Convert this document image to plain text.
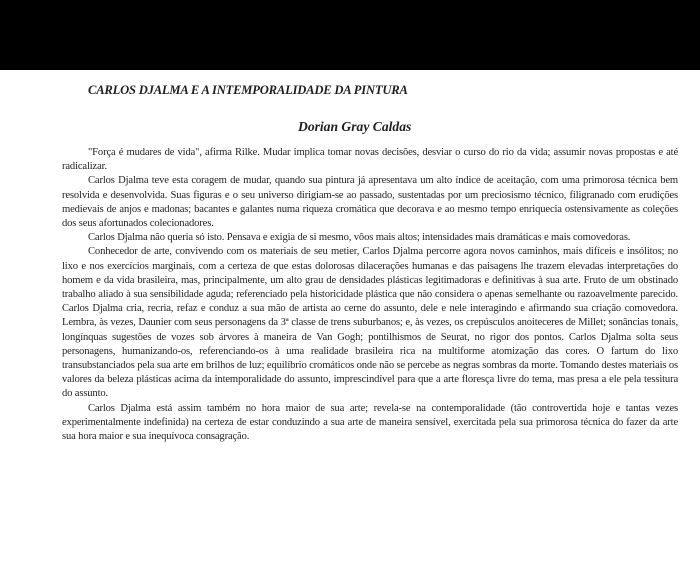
CARLOS DJALMA E A INTEMPORALIDADE DA PINTURA
Dorian Gray Caldas

"Força é mudares de vida", afirma Rilke. Mudar implica tomar novas decisões, desviar o curso do rio da vida; assumir novas propostas e até radicalizar.

Carlos Djalma teve esta coragem de mudar, quando sua pintura já apresentava um alto índice de aceitação, com uma primorosa técnica bem resolvida e desenvolvida. Suas figuras e o seu universo dirigiam-se ao passado, sustentadas por um preciosismo técnico, filigranado com erudições medievais de anjos e madonas; bacantes e galantes numa riqueza cromática que decorava e ao mesmo tempo enriquecia ostensivamente as coleções dos seus afortunados colecionadores.

Carlos Djalma não queria só isto. Pensava e exigia de si mesmo, vôos mais altos; intensidades mais dramáticas e mais comovedoras.

Conhecedor de arte, convivendo com os materiais de seu metier, Carlos Djalma percorre agora novos caminhos, mais difíceis e insólitos; no lixo e nos exercícios marginais, com a certeza de que estas dolorosas dilacerações humanas e das paisagens lhe trazem elevadas interpretações do homem e da vida brasileira, mas, principalmente, um alto grau de densidades plásticas legitimadoras e definitivas à sua arte. Fruto de um obstinado trabalho aliado à sua sensibilidade aguda; referenciado pela historicidade plástica que não considera o apenas semelhante ou razoavelmente parecido. Carlos Djalma cria, recria, refaz e conduz a sua mão de artista ao cerne do assunto, dele e nele interagindo e afirmando sua criação comovedora. Lembra, às vezes, Daunier com seus personagens da 3ª classe de trens suburbanos; e, às vezes, os crepúsculos anoiteceres de Millet; sonâncias tonais, longínquas sugestões de vozes sob árvores à maneira de Van Gogh; pontilhismos de Seurat, no rigor dos pontos. Carlos Djalma solta seus personagens, humanizando-os, referenciando-os à uma realidade brasileira rica na multiforme atomização das cores. O fartum do lixo transubstanciados pela sua arte em brilhos de luz; equilíbrio cromáticos onde não se percebe as negras sombras da morte. Tomando destes materiais os valores da beleza plásticas acima da intemporalidade do assunto, imprescindível para que a arte floresça livre do tema, mas presa a ele pela tessitura do assunto.

Carlos Djalma está assim também no hora maior de sua arte; revela-se na contemporalidade (tão controvertida hoje e tantas vezes experimentalmente indefinida) na certeza de estar conduzindo a sua arte de maneira sensível, exercitada pela sua primorosa técnica do fazer da arte sua hora maior e sua inequívoca consagração.
